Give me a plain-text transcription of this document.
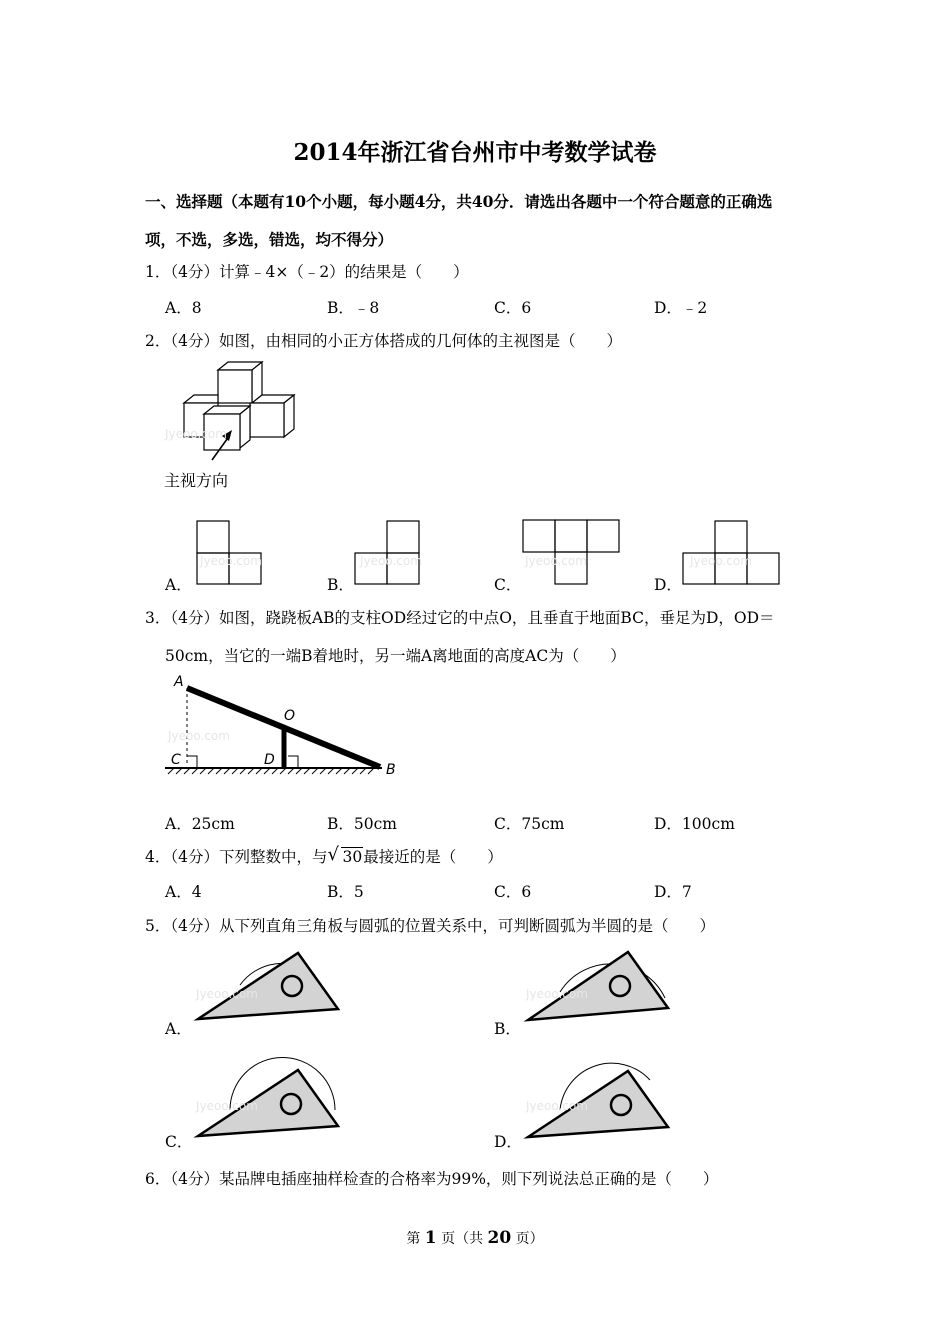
2014年浙江省台州市中考数学试卷
一、选择题（本题有10个小题，每小题4分，共40分．请选出各题中一个符合题意的正确选
项，不选，多选，错选，均不得分）
1．（4分）计算﹣4×（﹣2）的结果是（　　）
A．8	B．﹣8	C．6	D．﹣2
2．（4分）如图，由相同的小正方体搭成的几何体的主视图是（　　）
主视方向
A．	B．	C．	D．
3．（4分）如图，跷跷板AB的支柱OD经过它的中点O，且垂直于地面BC，垂足为D，OD＝
50cm，当它的一端B着地时，另一端A离地面的高度AC为（　　）
A
O
C	D
B
A．25cm	B．50cm	C．75cm	D．100cm
4．（4分）下列整数中，与 √ 30最接近的是（　　）
A．4	B．5	C．6	D．7
5．（4分）从下列直角三角板与圆弧的位置关系中，可判断圆弧为半圆的是（　　）
A．	B．
C．	D．
6．（4分）某品牌电插座抽样检查的合格率为99%，则下列说法总正确的是（　　）
Jyeoo.com
Jyeoo.com	Jyeoo.com	Jyeoo.com	Jyeoo.com
Jyeoo.com
Jyeoo.com	Jyeoo.com
Jyeoo.com	Jyeoo.com
第 1 页（共 20 页）
